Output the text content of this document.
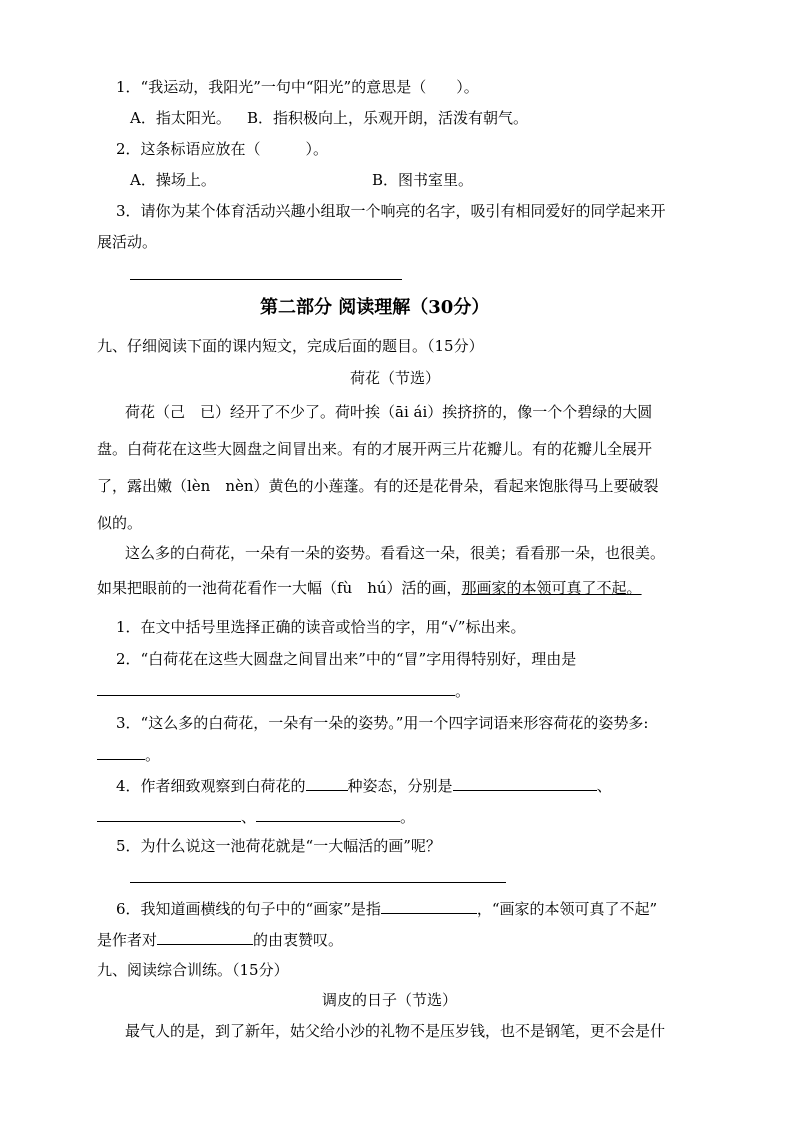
1．“我运动，我阳光”一句中“阳光”的意思是（　　）。
A．指太阳光。 B．指积极向上，乐观开朗，活泼有朝气。
2．这条标语应放在（　　　）。
A．操场上。	B．图书室里。
3．请你为某个体育活动兴趣小组取一个响亮的名字，吸引有相同爱好的同学起来开
展活动。
第二部分 阅读理解（30分）
九、仔细阅读下面的课内短文，完成后面的题目。（15分）
荷花（节选）
荷花（己　已）经开了不少了。荷叶挨（āi ái）挨挤挤的，像一个个碧绿的大圆
盘。白荷花在这些大圆盘之间冒出来。有的才展开两三片花瓣儿。有的花瓣儿全展开
了，露出嫩（lèn　nèn）黄色的小莲蓬。有的还是花骨朵，看起来饱胀得马上要破裂
似的。
这么多的白荷花，一朵有一朵的姿势。看看这一朵，很美；看看那一朵，也很美。
如果把眼前的一池荷花看作一大幅（fù　hú）活的画，那画家的本领可真了不起。
1．在文中括号里选择正确的读音或恰当的字，用“√”标出来。
2．“白荷花在这些大圆盘之间冒出来”中的“冒”字用得特别好，理由是
。
3．“这么多的白荷花，一朵有一朵的姿势。”用一个四字词语来形容荷花的姿势多:
。
4．作者细致观察到白荷花的	种姿态，分别是	、
、	。
5．为什么说这一池荷花就是“一大幅活的画”呢？
6．我知道画横线的句子中的“画家”是指	，“画家的本领可真了不起”
是作者对	的由衷赞叹。
九、阅读综合训练。（15分）
调皮的日子（节选）
最气人的是，到了新年，姑父给小沙的礼物不是压岁钱，也不是钢笔，更不会是什
